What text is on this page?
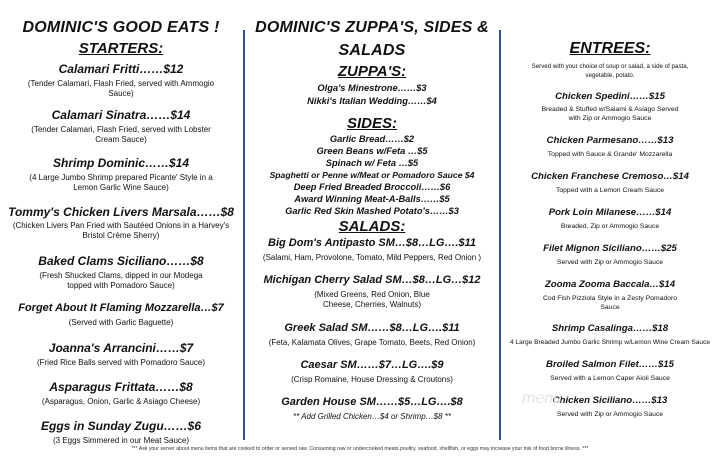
DOMINIC'S GOOD EATS !
STARTERS:
Calamari Fritti……$12
(Tender Calamari, Flash Fried, served with Ammogio Sauce)
Calamari Sinatra……$14
(Tender Calamari, Flash Fried, served with Lobster Cream Sauce)
Shrimp Dominic……$14
(4 Large Jumbo Shrimp prepared Picante' Style in a Lemon Garlic Wine Sauce)
Tommy's Chicken Livers Marsala……$8
(Chicken Livers Pan Fried with Sautéed Onions in a Harvey's Bristol Crème Sherry)
Baked Clams Siciliano……$8
(Fresh Shucked Clams, dipped in our Modega topped with Pomadoro Sauce)
Forget About It Flaming Mozzarella…$7
(Served with Garlic Baguette)
Joanna's Arrancini……$7
(Fried Rice Balls served with Pomadoro Sauce)
Asparagus Frittata……$8
(Asparagus, Onion, Garlic & Asiago Cheese)
Eggs in Sunday Zugu……$6
(3 Eggs Simmered in our Meat Sauce)
DOMINIC'S ZUPPA'S, SIDES &
SALADS
ZUPPA'S:
Olga's Minestrone……$3
Nikki's Italian Wedding……$4
SIDES:
Garlic Bread……$2
Green Beans w/Feta …$5
Spinach w/ Feta …$5
Spaghetti or Penne w/Meat or Pomadoro Sauce $4
Deep Fried Breaded Broccoli……$6
Award Winning Meat-A-Balls……$5
Garlic Red Skin Mashed Potato's……$3
SALADS:
Big Dom's Antipasto SM…$8…LG….$11
(Salami, Ham, Provolone, Tomato, Mild Peppers, Red Onion )
Michigan Cherry Salad SM…$8…LG…$12
(Mixed Greens, Red Onion, Blue Cheese, Cherries, Walnuts)
Greek Salad SM……$8…LG….$11
(Feta, Kalamata Olives, Grape Tomato, Beets, Red Onion)
Caesar SM……$7…LG….$9
(Crisp Romaine, House Dressing & Croutons)
Garden House SM……$5…LG….$8
** Add Grilled Chicken…$4 or Shrimp…$8 **
ENTREES:
Served with your choice of soup or salad, a side of pasta, vegetable, potato.
Chicken Spedini……$15
Breaded & Stuffed w/Salami & Asiago Served with Zip or Ammogio Sauce
Chicken Parmesano……$13
Topped with Sauce & Grande' Mozzarella
Chicken Franchese Cremoso…$14
Topped with a Lemon Cream Sauce
Pork Loin Milanese……$14
Breaded, Zip or Ammogio Sauce
Filet Mignon Siciliano……$25
Served with Zip or Ammogio Sauce
Zooma Zooma Baccala…$14
Cod Fish Pizziola Style in a Zesty Pomadoro Sauce
Shrimp Casalinga……$18
4 Large Breaded Jumbo Garlic Shrimp w/Lemon Wine Cream Sauce
Broiled Salmon Filet……$15
Served with a Lemon Caper Aioli Sauce
Chicken Siciliano……$13
Served with Zip or Ammogio Sauce
menu
*** Ask your server about menu items that are cooked to order or served raw. Consuming raw or undercooked meats poultry, seafood, shellfish, or eggs may increase your risk of food borne illness. ***
